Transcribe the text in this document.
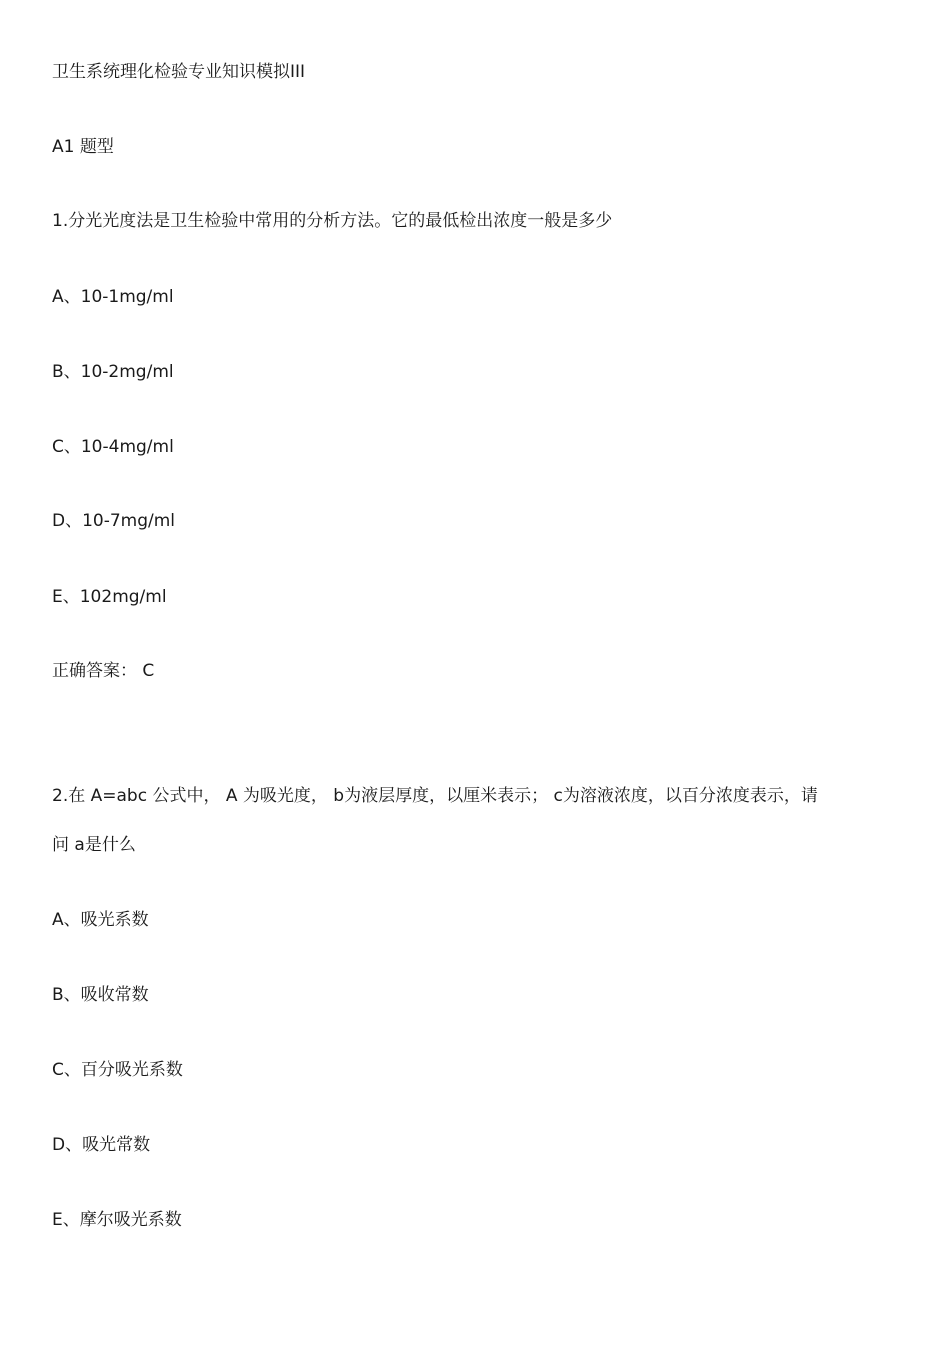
卫生系统理化检验专业知识模拟III
A1 题型
1.分光光度法是卫生检验中常用的分析方法。它的最低检出浓度一般是多少
A、10-1mg/ml
B、10-2mg/ml
C、10-4mg/ml
D、10-7mg/ml
E、102mg/ml
正确答案： C
2.在 A=abc 公式中， A 为吸光度， b为液层厚度，以厘米表示； c为溶液浓度，以百分浓度表示，请
问 a是什么
A、吸光系数
B、吸收常数
C、百分吸光系数
D、吸光常数
E、摩尔吸光系数
